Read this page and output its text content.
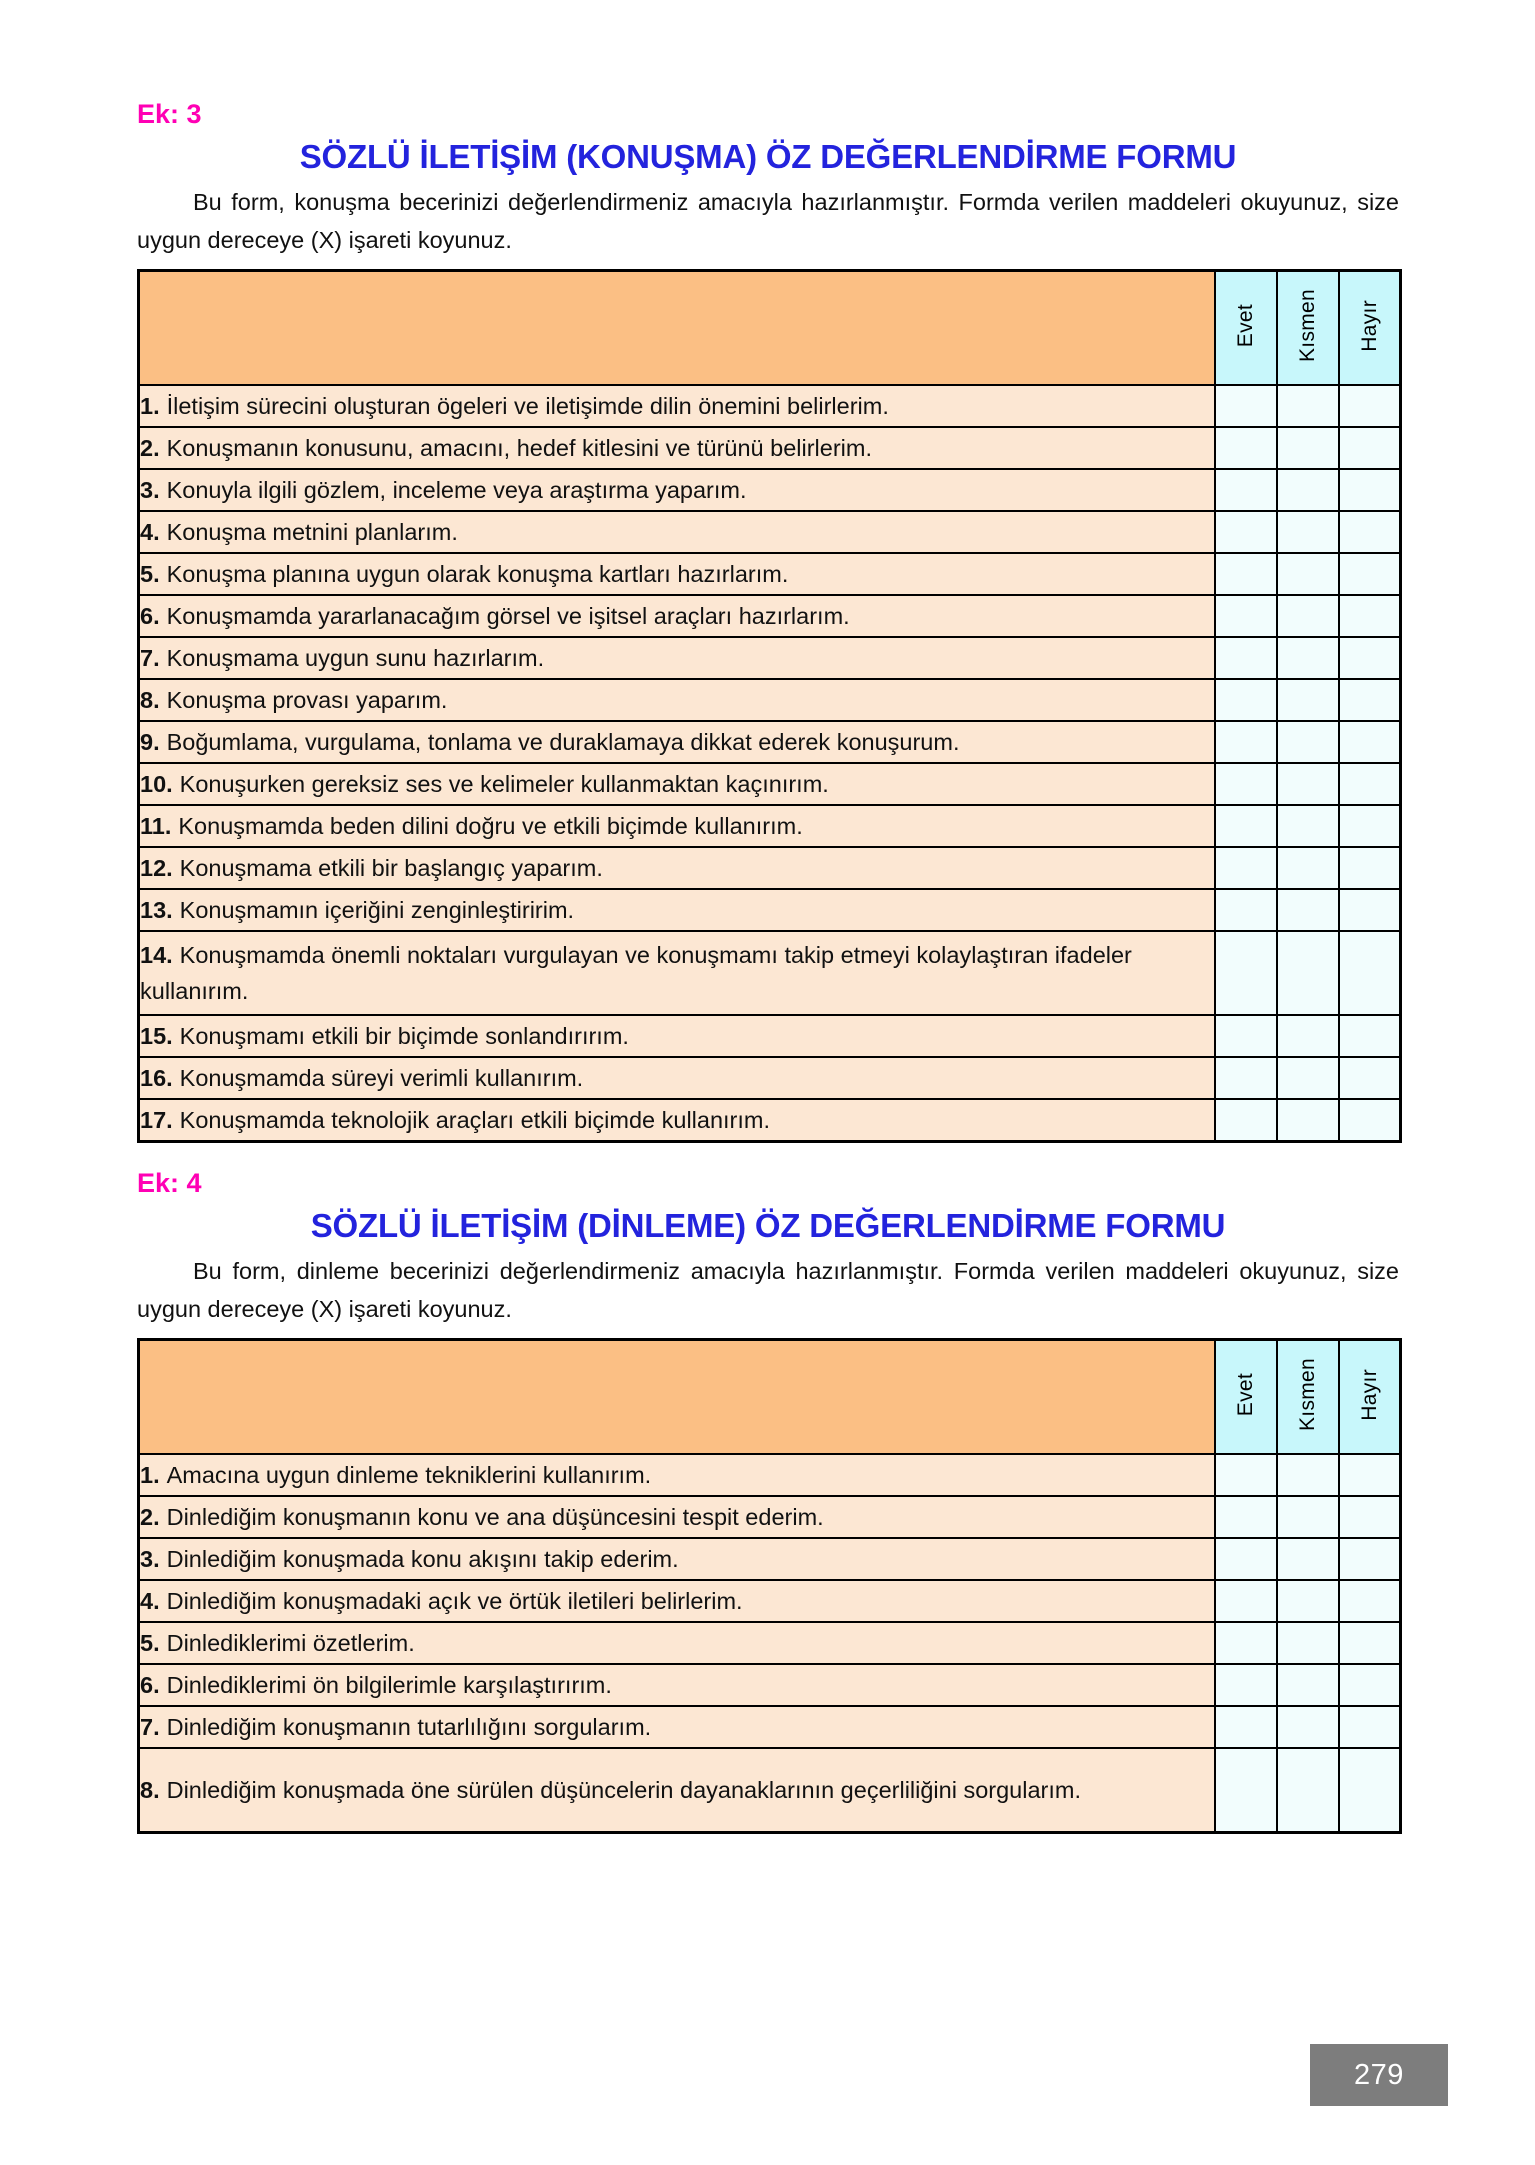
Ek: 3
SÖZLÜ İLETİŞİM (KONUŞMA) ÖZ DEĞERLENDİRME FORMU

Bu form, konuşma becerinizi değerlendirmeniz amacıyla hazırlanmıştır. Formda verilen maddeleri okuyunuz, size uygun dereceye (X) işareti koyunuz.

	Evet	Kısmen	Hayır
1. İletişim sürecini oluşturan ögeleri ve iletişimde dilin önemini belirlerim.			
2. Konuşmanın konusunu, amacını, hedef kitlesini ve türünü belirlerim.			
3. Konuyla ilgili gözlem, inceleme veya araştırma yaparım.			
4. Konuşma metnini planlarım.			
5. Konuşma planına uygun olarak konuşma kartları hazırlarım.			
6. Konuşmamda yararlanacağım görsel ve işitsel araçları hazırlarım.			
7. Konuşmama uygun sunu hazırlarım.			
8. Konuşma provası yaparım.			
9. Boğumlama, vurgulama, tonlama ve duraklamaya dikkat ederek konuşurum.			
10. Konuşurken gereksiz ses ve kelimeler kullanmaktan kaçınırım.			
11. Konuşmamda beden dilini doğru ve etkili biçimde kullanırım.			
12. Konuşmama etkili bir başlangıç yaparım.			
13. Konuşmamın içeriğini zenginleştiririm.			
14. Konuşmamda önemli noktaları vurgulayan ve konuşmamı takip etmeyi kolaylaştıran ifadeler kullanırım.			
15. Konuşmamı etkili bir biçimde sonlandırırım.			
16. Konuşmamda süreyi verimli kullanırım.			
17. Konuşmamda teknolojik araçları etkili biçimde kullanırım.			
Ek: 4
SÖZLÜ İLETİŞİM (DİNLEME) ÖZ DEĞERLENDİRME FORMU

Bu form, dinleme becerinizi değerlendirmeniz amacıyla hazırlanmıştır. Formda verilen maddeleri okuyunuz, size uygun dereceye (X) işareti koyunuz.

	Evet	Kısmen	Hayır
1. Amacına uygun dinleme tekniklerini kullanırım.			
2. Dinlediğim konuşmanın konu ve ana düşüncesini tespit ederim.			
3. Dinlediğim konuşmada konu akışını takip ederim.			
4. Dinlediğim konuşmadaki açık ve örtük iletileri belirlerim.			
5. Dinlediklerimi özetlerim.			
6. Dinlediklerimi ön bilgilerimle karşılaştırırım.			
7. Dinlediğim konuşmanın tutarlılığını sorgularım.			
8. Dinlediğim konuşmada öne sürülen düşüncelerin dayanaklarının geçerliliğini sorgularım.			
279
